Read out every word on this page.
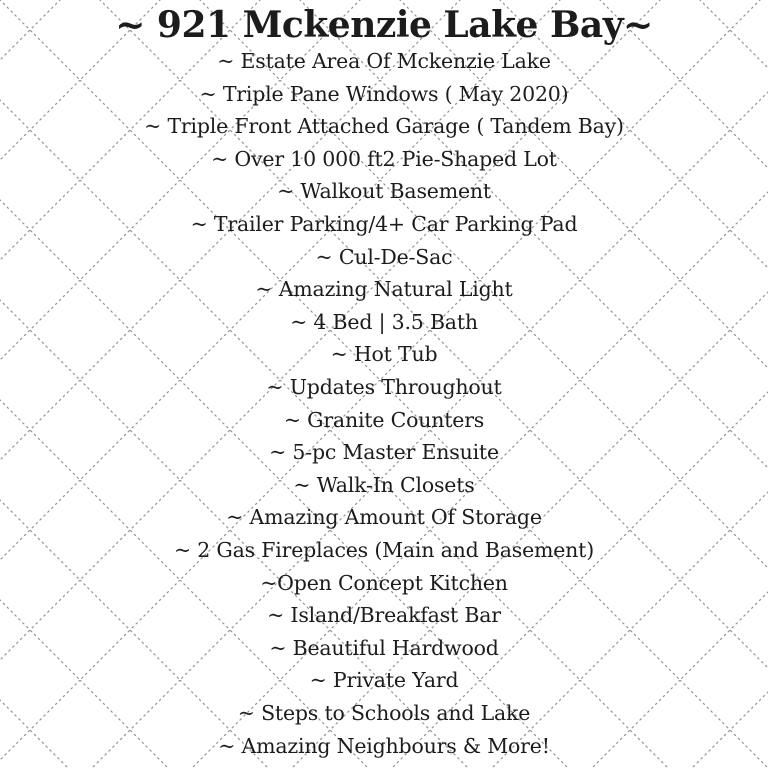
~ 921 Mckenzie Lake Bay~
~ Estate Area Of Mckenzie Lake
~ Triple Pane Windows ( May 2020)
~ Triple Front Attached Garage ( Tandem Bay)
~ Over 10 000 ft2 Pie-Shaped Lot
~ Walkout Basement
~ Trailer Parking/4+ Car Parking Pad
~ Cul-De-Sac
~ Amazing Natural Light
~ 4 Bed | 3.5 Bath
~ Hot Tub
~ Updates Throughout
~ Granite Counters
~ 5-pc Master Ensuite
~ Walk-In Closets
~ Amazing Amount Of Storage
~ 2 Gas Fireplaces (Main and Basement)
~Open Concept Kitchen
~ Island/Breakfast Bar
~ Beautiful Hardwood
~ Private Yard
~ Steps to Schools and Lake
~ Amazing Neighbours & More!
